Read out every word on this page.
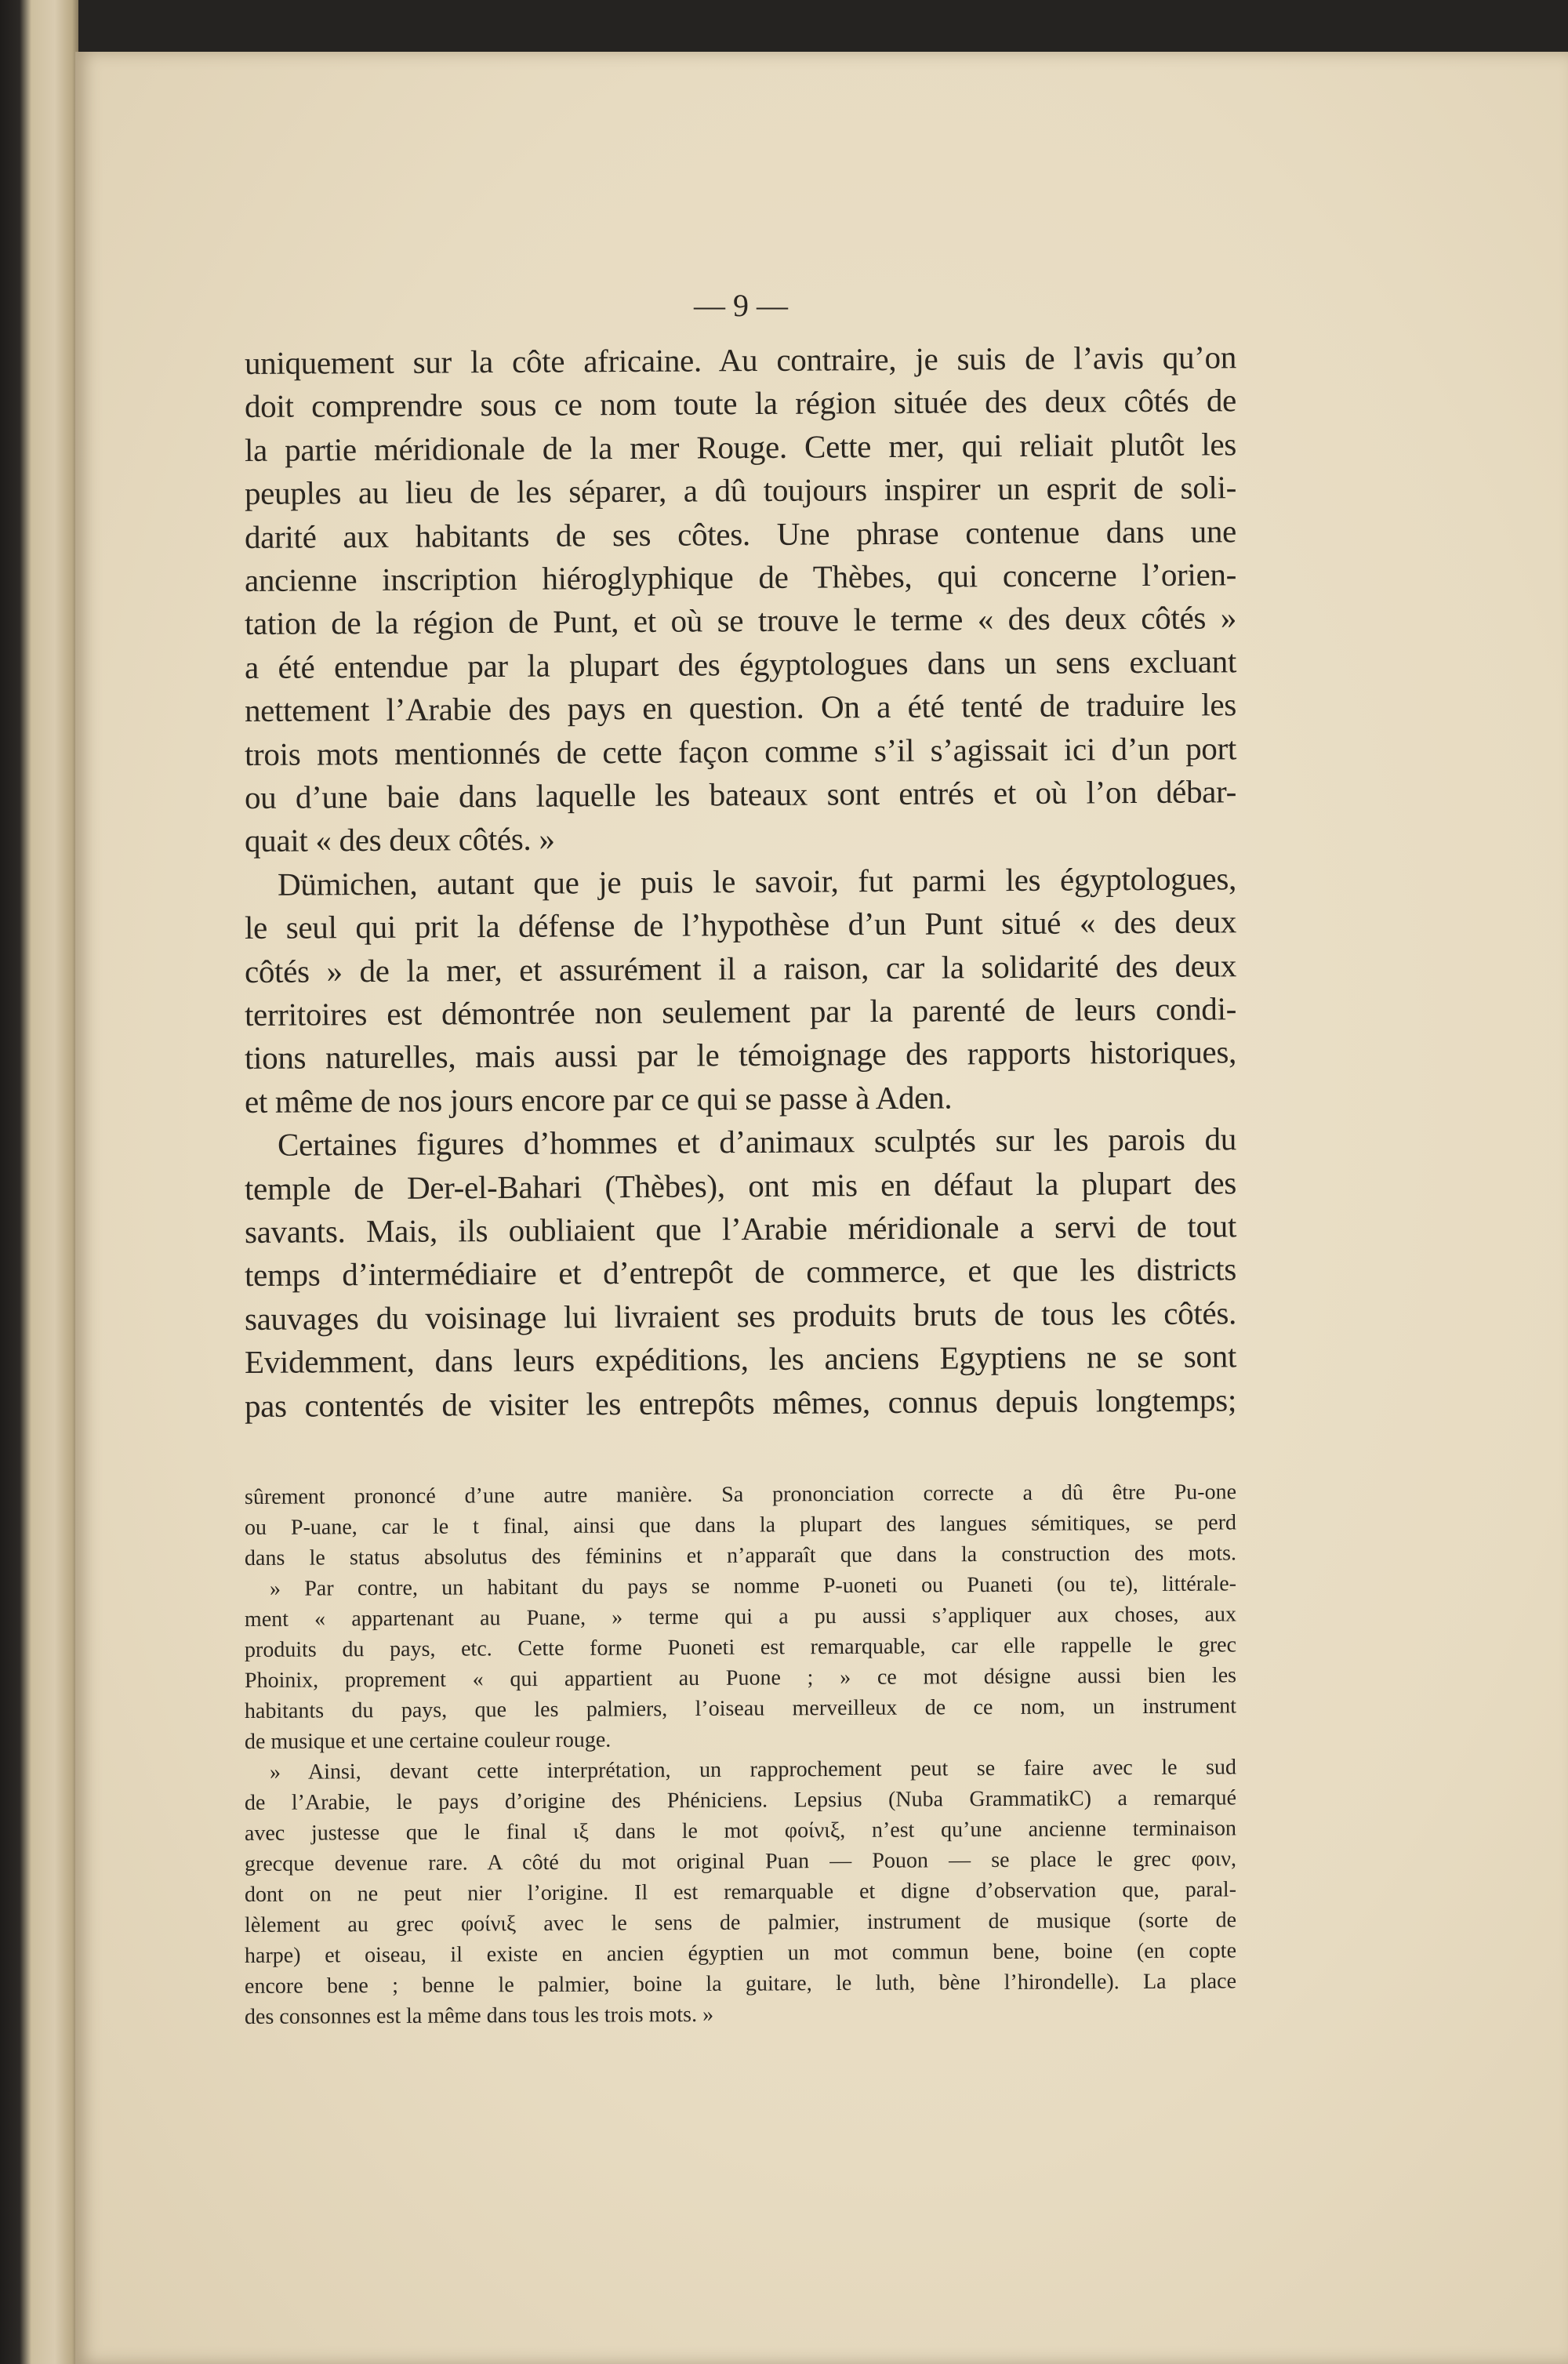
— 9 —
uniquement sur la côte africaine. Au contraire, je suis de l’avis qu’on
doit comprendre sous ce nom toute la région située des deux côtés de
la partie méridionale de la mer Rouge. Cette mer, qui reliait plutôt les
peuples au lieu de les séparer, a dû toujours inspirer un esprit de soli-
darité aux habitants de ses côtes. Une phrase contenue dans une
ancienne inscription hiéroglyphique de Thèbes, qui concerne l’orien-
tation de la région de Punt, et où se trouve le terme « des deux côtés »
a été entendue par la plupart des égyptologues dans un sens excluant
nettement l’Arabie des pays en question. On a été tenté de traduire les
trois mots mentionnés de cette façon comme s’il s’agissait ici d’un port
ou d’une baie dans laquelle les bateaux sont entrés et où l’on débar-
quait « des deux côtés. »
Dümichen, autant que je puis le savoir, fut parmi les égyptologues,
le seul qui prit la défense de l’hypothèse d’un Punt situé « des deux
côtés » de la mer, et assurément il a raison, car la solidarité des deux
territoires est démontrée non seulement par la parenté de leurs condi-
tions naturelles, mais aussi par le témoignage des rapports historiques,
et même de nos jours encore par ce qui se passe à Aden.
Certaines figures d’hommes et d’animaux sculptés sur les parois du
temple de Der-el-Bahari (Thèbes), ont mis en défaut la plupart des
savants. Mais, ils oubliaient que l’Arabie méridionale a servi de tout
temps d’intermédiaire et d’entrepôt de commerce, et que les districts
sauvages du voisinage lui livraient ses produits bruts de tous les côtés.
Evidemment, dans leurs expéditions, les anciens Egyptiens ne se sont
pas contentés de visiter les entrepôts mêmes, connus depuis longtemps;
sûrement prononcé d’une autre manière. Sa prononciation correcte a dû être Pu-one
ou P-uane, car le t final, ainsi que dans la plupart des langues sémitiques, se perd
dans le status absolutus des féminins et n’apparaît que dans la construction des mots.
» Par contre, un habitant du pays se nomme P-uoneti ou Puaneti (ou te), littérale-
ment « appartenant au Puane, » terme qui a pu aussi s’appliquer aux choses, aux
produits du pays, etc. Cette forme Puoneti est remarquable, car elle rappelle le grec
Phoinix, proprement « qui appartient au Puone ; » ce mot désigne aussi bien les
habitants du pays, que les palmiers, l’oiseau merveilleux de ce nom, un instrument
de musique et une certaine couleur rouge.
» Ainsi, devant cette interprétation, un rapprochement peut se faire avec le sud
de l’Arabie, le pays d’origine des Phéniciens. Lepsius (Nuba GrammatikC) a remarqué
avec justesse que le final ιξ dans le mot φοίνιξ, n’est qu’une ancienne terminaison
grecque devenue rare. A côté du mot original Puan — Pouon — se place le grec φοιν,
dont on ne peut nier l’origine. Il est remarquable et digne d’observation que, paral-
lèlement au grec φοίνιξ avec le sens de palmier, instrument de musique (sorte de
harpe) et oiseau, il existe en ancien égyptien un mot commun bene, boine (en copte
encore bene ; benne le palmier, boine la guitare, le luth, bène l’hirondelle). La place
des consonnes est la même dans tous les trois mots. »
